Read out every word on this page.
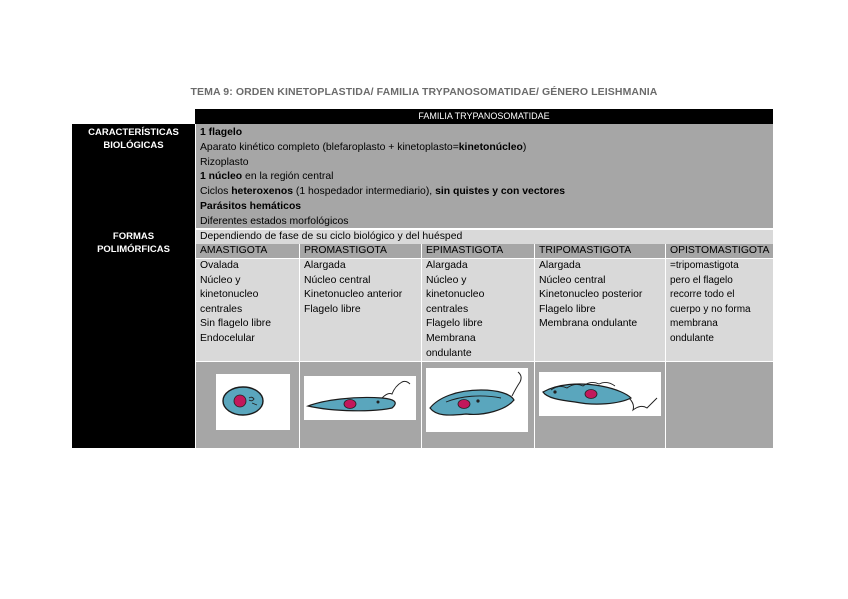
TEMA 9: ORDEN KINETOPLASTIDA/ FAMILIA TRYPANOSOMATIDAE/ GÉNERO LEISHMANIA
FAMILIA TRYPANOSOMATIDAE
CARACTERÍSTICAS
BIOLÓGICAS
FORMAS
POLIMÓRFICAS
1 flagelo
Aparato kinético completo (blefaroplasto + kinetoplasto=kinetonúcleo)
Rizoplasto
1 núcleo en la región central
Ciclos heteroxenos (1 hospedador intermediario), sin quistes y con vectores
Parásitos hemáticos
Diferentes estados morfológicos
Dependiendo de fase de su ciclo biológico y del huésped
AMASTIGOTA
Ovalada
Núcleo y
kinetonucleo
centrales
Sin flagelo libre
Endocelular
PROMASTIGOTA
Alargada
Núcleo central
Kinetonucleo anterior
Flagelo libre
EPIMASTIGOTA
Alargada
Núcleo y
kinetonucleo
centrales
Flagelo libre
Membrana
ondulante
TRIPOMASTIGOTA
Alargada
Núcleo central
Kinetonucleo posterior
Flagelo libre
Membrana ondulante
OPISTOMASTIGOTA
=tripomastigota
pero el flagelo
recorre todo el
cuerpo y no forma
membrana
ondulante
